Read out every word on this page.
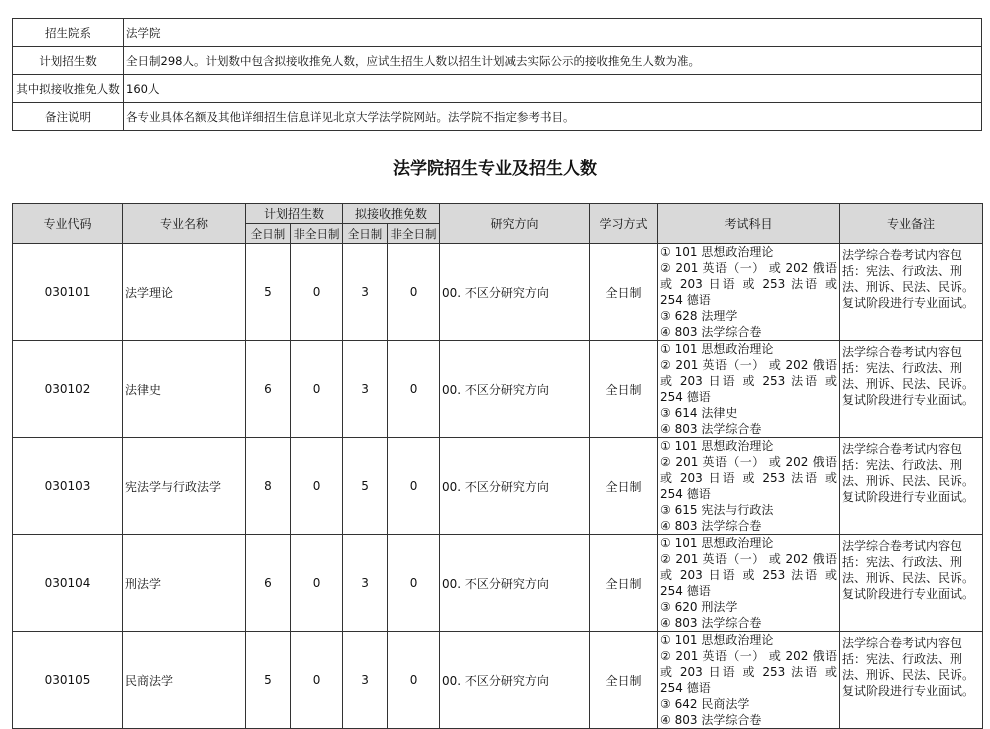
招生院系	法学院
计划招生数	全日制298人。计划数中包含拟接收推免人数，应试生招生人数以招生计划减去实际公示的接收推免生人数为准。
其中拟接收推免人数	160人
备注说明	各专业具体名额及其他详细招生信息详见北京大学法学院网站。法学院不指定参考书目。
法学院招生专业及招生人数
专业代码	专业名称	计划招生数		拟接收推免数		研究方向	学习方式	考试科目	专业备注
		全日制	非全日制	全日制	非全日制				
030101	法学理论	5	0	3	0	00. 不区分研究方向	全日制	① 101 思想政治理论
② 201 英语（一） 或 202 俄语 或 203 日语 或 253 法语 或 254 德语
③ 628 法理学
④ 803 法学综合卷	法学综合卷考试内容包括：宪法、行政法、刑法、刑诉、民法、民诉。复试阶段进行专业面试。
030102	法律史	6	0	3	0	00. 不区分研究方向	全日制	① 101 思想政治理论
② 201 英语（一） 或 202 俄语 或 203 日语 或 253 法语 或 254 德语
③ 614 法律史
④ 803 法学综合卷	法学综合卷考试内容包括：宪法、行政法、刑法、刑诉、民法、民诉。复试阶段进行专业面试。
030103	宪法学与行政法学	8	0	5	0	00. 不区分研究方向	全日制	① 101 思想政治理论
② 201 英语（一） 或 202 俄语 或 203 日语 或 253 法语 或 254 德语
③ 615 宪法与行政法
④ 803 法学综合卷	法学综合卷考试内容包括：宪法、行政法、刑法、刑诉、民法、民诉。复试阶段进行专业面试。
030104	刑法学	6	0	3	0	00. 不区分研究方向	全日制	① 101 思想政治理论
② 201 英语（一） 或 202 俄语 或 203 日语 或 253 法语 或 254 德语
③ 620 刑法学
④ 803 法学综合卷	法学综合卷考试内容包括：宪法、行政法、刑法、刑诉、民法、民诉。复试阶段进行专业面试。
030105	民商法学	5	0	3	0	00. 不区分研究方向	全日制	① 101 思想政治理论
② 201 英语（一） 或 202 俄语 或 203 日语 或 253 法语 或 254 德语
③ 642 民商法学
④ 803 法学综合卷	法学综合卷考试内容包括：宪法、行政法、刑法、刑诉、民法、民诉。复试阶段进行专业面试。
